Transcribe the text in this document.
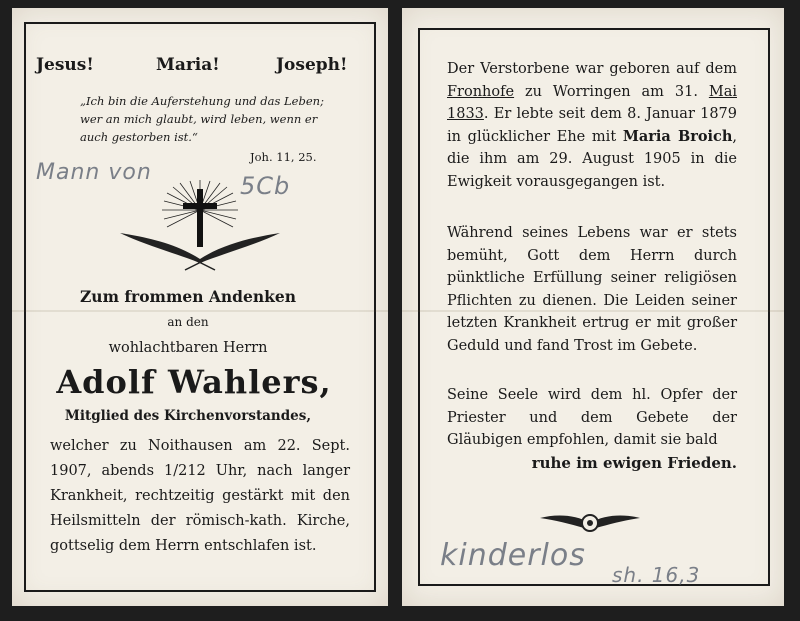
Jesus!	Maria!	Joseph!
„Ich bin die Auferstehung und das Leben; wer an mich glaubt, wird leben, wenn er auch gestorben ist.“
Joh. 11, 25.
Mann von	5Cb
Zum frommen Andenken
an den
wohlachtbaren Herrn
Adolf Wahlers,
Mitglied des Kirchenvorstandes,
welcher zu Noithausen am 22. Sept. 1907, abends 1/212 Uhr, nach langer Krankheit, rechtzeitig gestärkt mit den Heilsmitteln der römisch-kath. Kirche, gottselig dem Herrn entschlafen ist.
Der Verstorbene war geboren auf dem Fronhofe zu Worringen am 31. Mai 1833. Er lebte seit dem 8. Januar 1879 in glücklicher Ehe mit Maria Broich, die ihm am 29. August 1905 in die Ewigkeit vorausgegangen ist.
Während seines Lebens war er stets bemüht, Gott dem Herrn durch pünktliche Erfüllung seiner religiösen Pflichten zu dienen. Die Leiden seiner letzten Krankheit ertrug er mit großer Geduld und fand Trost im Gebete.
Seine Seele wird dem hl. Opfer der Priester und dem Gebete der Gläubigen empfohlen, damit sie bald
ruhe im ewigen Frieden.
kinderlos
sh. 16,3
